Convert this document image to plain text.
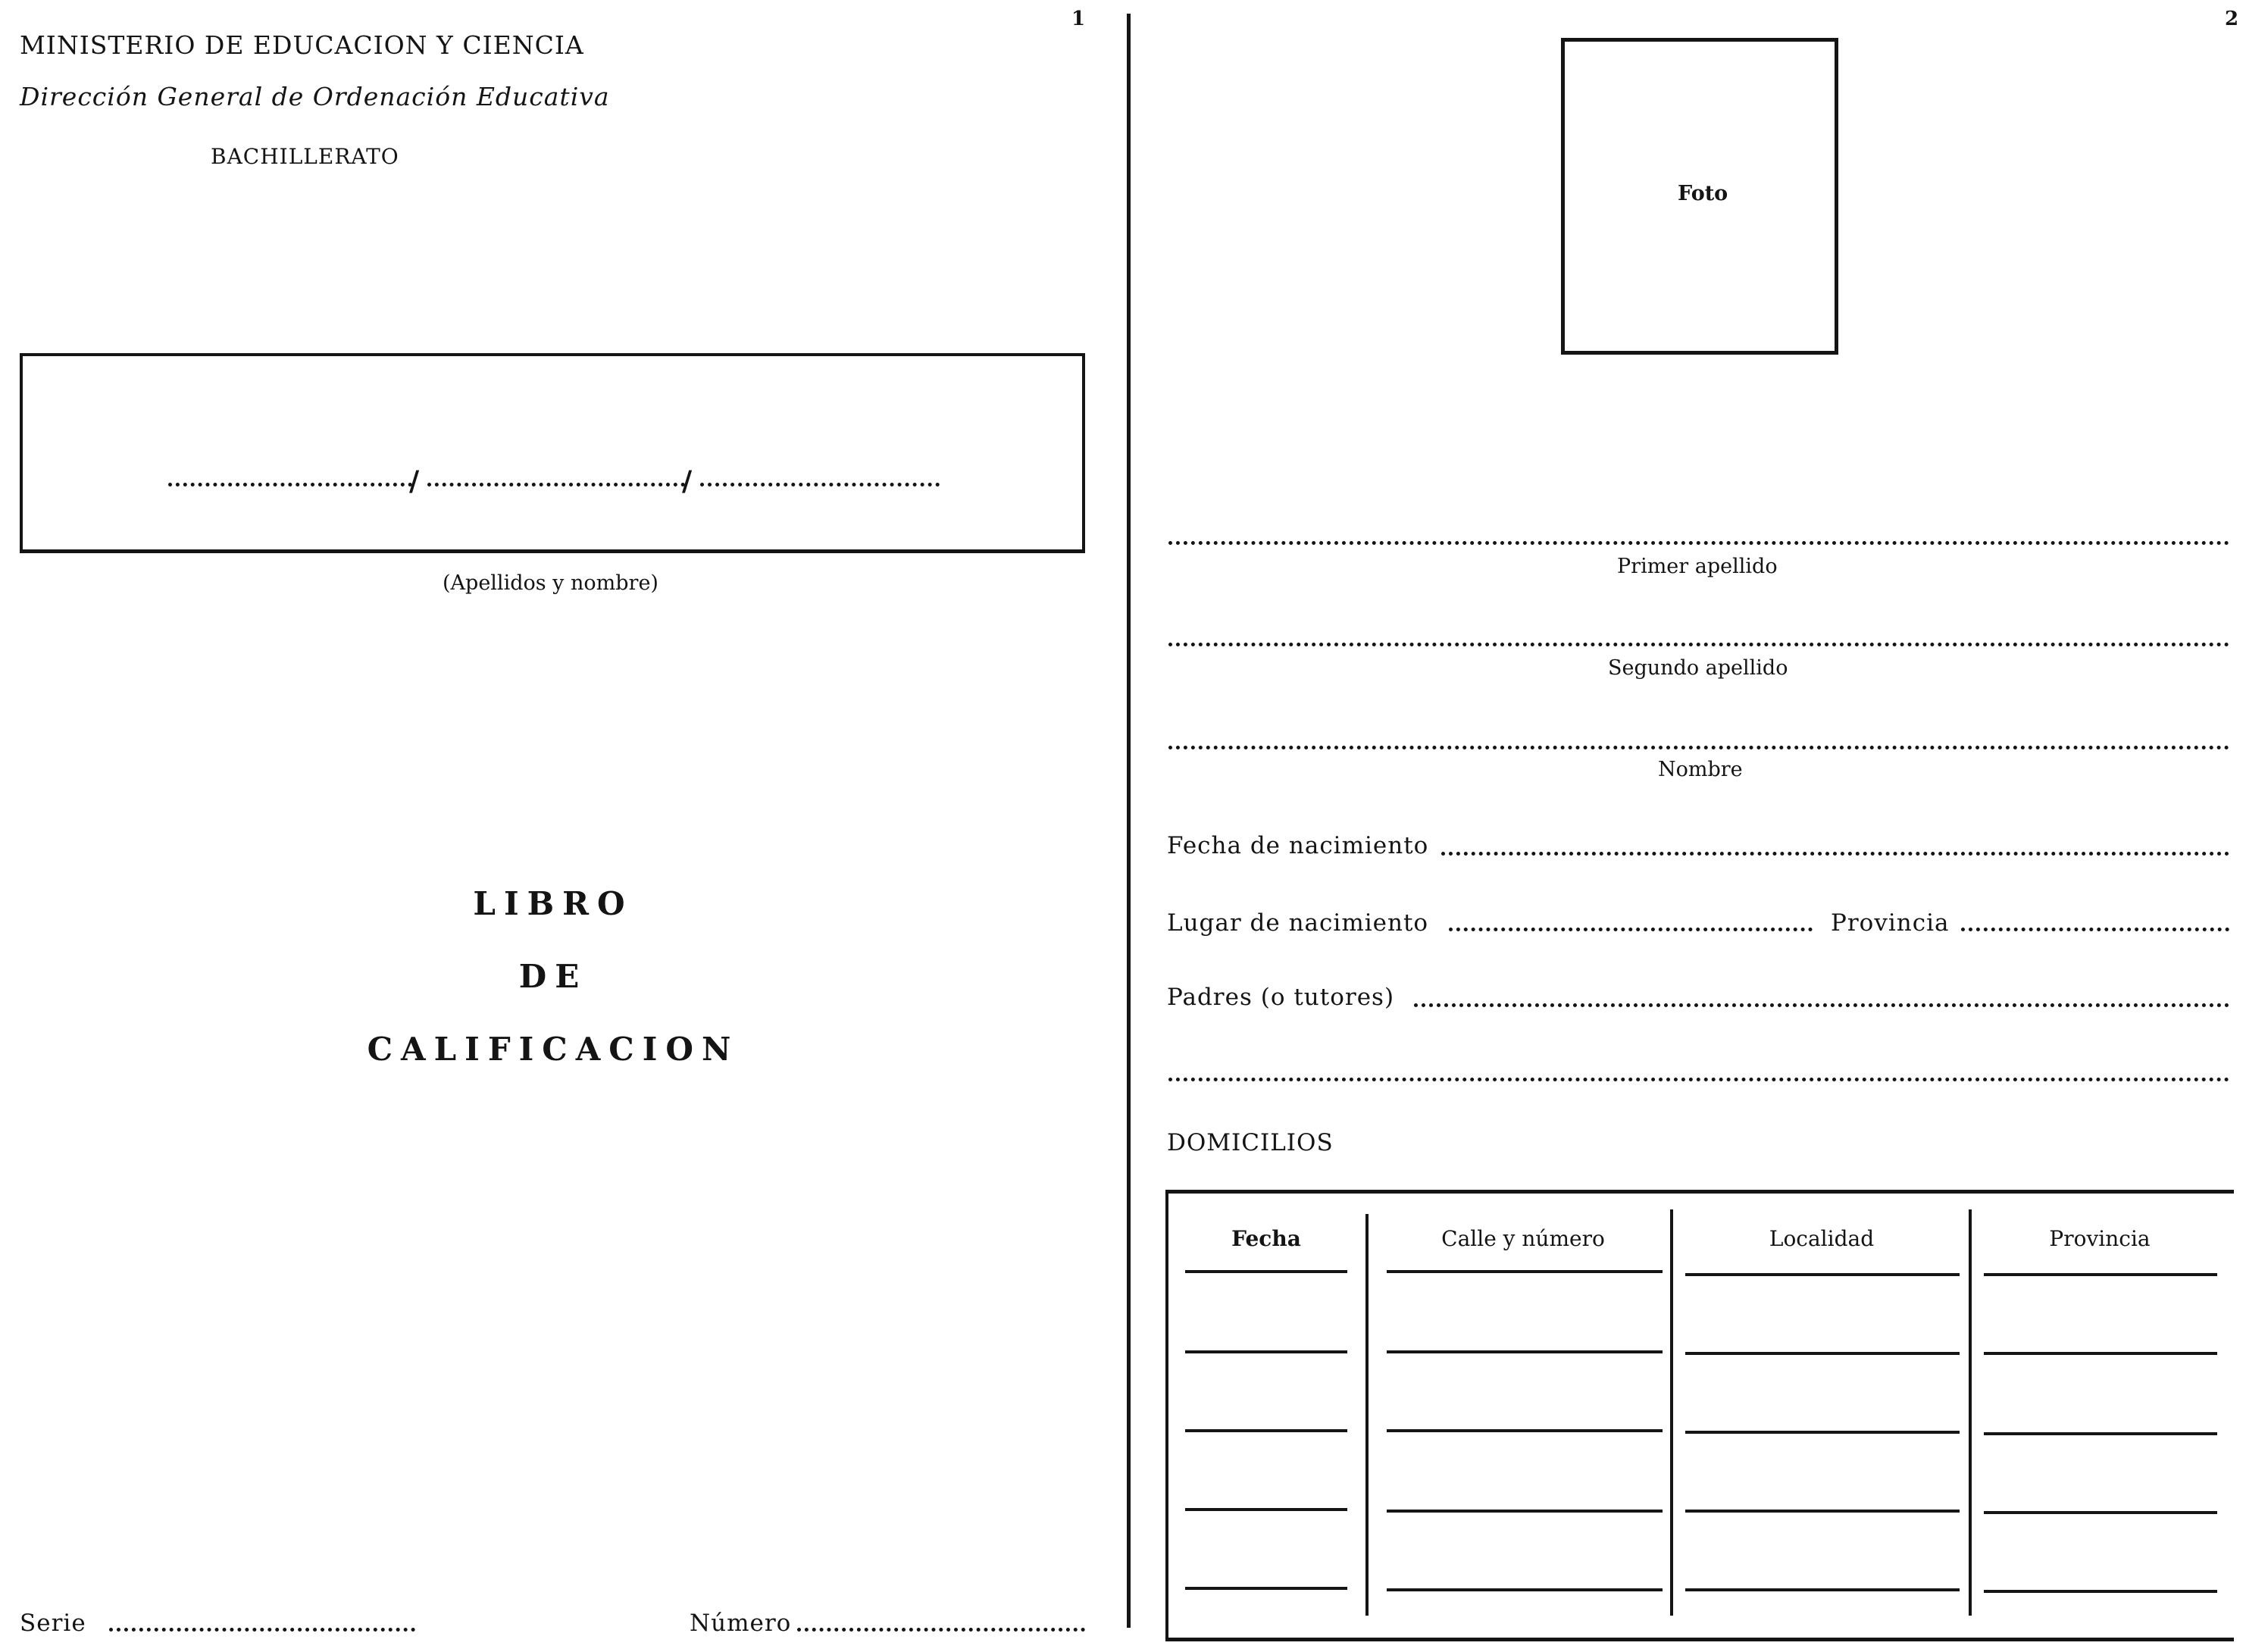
1
MINISTERIO DE EDUCACION Y CIENCIA
Dirección General de Ordenación Educativa
BACHILLERATO
/	/
(Apellidos y nombre)
LIBRO
DE
CALIFICACION
Serie	Número
2
Foto
Primer apellido
Segundo apellido
Nombre
Fecha de nacimiento
Lugar de nacimiento	Provincia
Padres (o tutores)
DOMICILIOS
Fecha	Calle y número	Localidad	Provincia
